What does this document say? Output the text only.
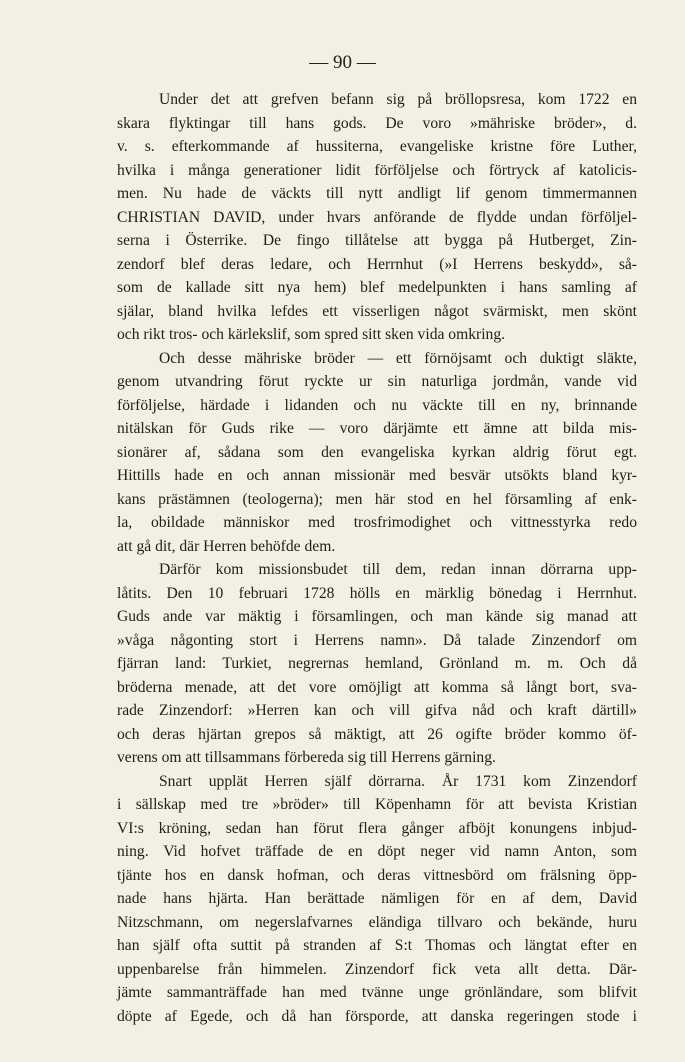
— 90 —
Under det att grefven befann sig på bröllopsresa, kom 1722 en
skara flyktingar till hans gods. De voro »mähriske bröder», d.
v. s. efterkommande af hussiterna, evangeliske kristne före Luther,
hvilka i många generationer lidit förföljelse och förtryck af katolicis-
men. Nu hade de väckts till nytt andligt lif genom timmermannen
CHRISTIAN DAVID, under hvars anförande de flydde undan förföljel-
serna i Österrike. De fingo tillåtelse att bygga på Hutberget, Zin-
zendorf blef deras ledare, och Herrnhut (»I Herrens beskydd», så-
som de kallade sitt nya hem) blef medelpunkten i hans samling af
själar, bland hvilka lefdes ett visserligen något svärmiskt, men skönt
och rikt tros- och kärlekslif, som spred sitt sken vida omkring.
Och desse mähriske bröder — ett förnöjsamt och duktigt släkte,
genom utvandring förut ryckte ur sin naturliga jordmån, vande vid
förföljelse, härdade i lidanden och nu väckte till en ny, brinnande
nitälskan för Guds rike — voro därjämte ett ämne att bilda mis-
sionärer af, sådana som den evangeliska kyrkan aldrig förut egt.
Hittills hade en och annan missionär med besvär utsökts bland kyr-
kans prästämnen (teologerna); men här stod en hel församling af enk-
la, obildade människor med trosfrimodighet och vittnesstyrka redo
att gå dit, där Herren behöfde dem.
Därför kom missionsbudet till dem, redan innan dörrarna upp-
låtits. Den 10 februari 1728 hölls en märklig bönedag i Herrnhut.
Guds ande var mäktig i församlingen, och man kände sig manad att
»våga någonting stort i Herrens namn». Då talade Zinzendorf om
fjärran land: Turkiet, negrernas hemland, Grönland m. m. Och då
bröderna menade, att det vore omöjligt att komma så långt bort, sva-
rade Zinzendorf: »Herren kan och vill gifva nåd och kraft därtill»
och deras hjärtan grepos så mäktigt, att 26 ogifte bröder kommo öf-
verens om att tillsammans förbereda sig till Herrens gärning.
Snart upplät Herren själf dörrarna. År 1731 kom Zinzendorf
i sällskap med tre »bröder» till Köpenhamn för att bevista Kristian
VI:s kröning, sedan han förut flera gånger afböjt konungens inbjud-
ning. Vid hofvet träffade de en döpt neger vid namn Anton, som
tjänte hos en dansk hofman, och deras vittnesbörd om frälsning öpp-
nade hans hjärta. Han berättade nämligen för en af dem, David
Nitzschmann, om negerslafvarnes eländiga tillvaro och bekände, huru
han själf ofta suttit på stranden af S:t Thomas och längtat efter en
uppenbarelse från himmelen. Zinzendorf fick veta allt detta. Där-
jämte sammanträffade han med tvänne unge grönländare, som blifvit
döpte af Egede, och då han försporde, att danska regeringen stode i
